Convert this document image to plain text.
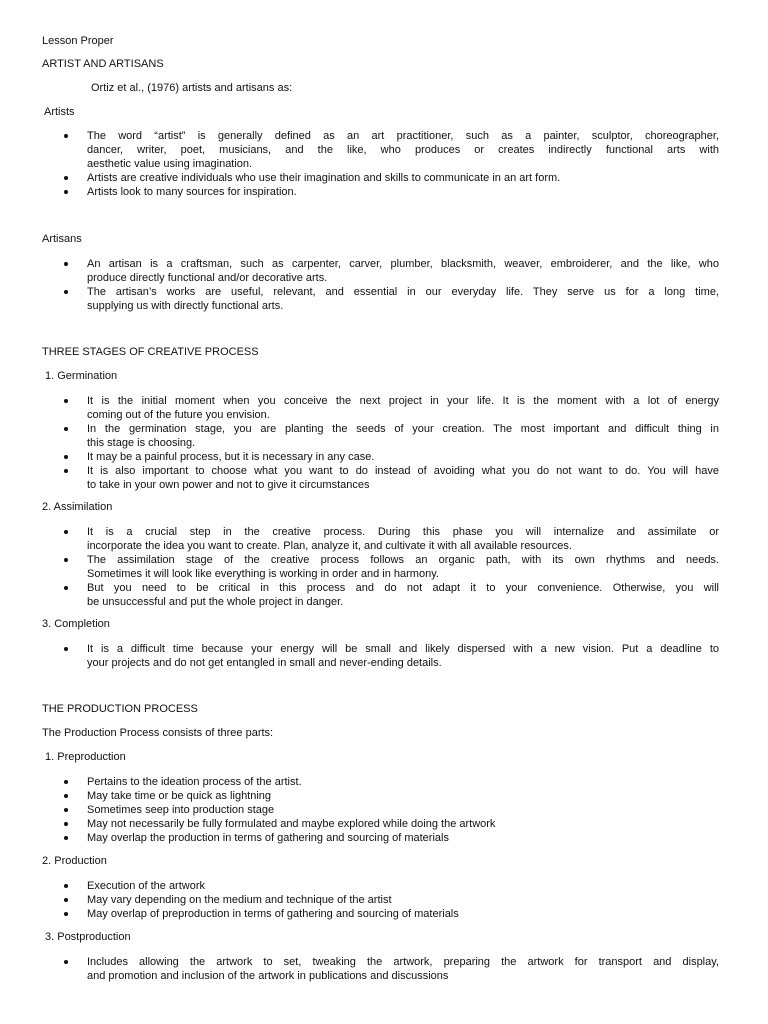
Lesson Proper
ARTIST AND ARTISANS
Ortiz et al., (1976) artists and artisans as:
Artists
The word “artist” is generally defined as an art practitioner, such as a painter, sculptor, choreographer,
dancer, writer, poet, musicians, and the like, who produces or creates indirectly functional arts with
aesthetic value using imagination.
Artists are creative individuals who use their imagination and skills to communicate in an art form.
Artists look to many sources for inspiration.
Artisans
An artisan is a craftsman, such as carpenter, carver, plumber, blacksmith, weaver, embroiderer, and the like, who
produce directly functional and/or decorative arts.
The artisan’s works are useful, relevant, and essential in our everyday life. They serve us for a long time,
supplying us with directly functional arts.
THREE STAGES OF CREATIVE PROCESS
1. Germination
It is the initial moment when you conceive the next project in your life. It is the moment with a lot of energy
coming out of the future you envision.
In the germination stage, you are planting the seeds of your creation. The most important and difficult thing in
this stage is choosing.
It may be a painful process, but it is necessary in any case.
It is also important to choose what you want to do instead of avoiding what you do not want to do. You will have
to take in your own power and not to give it circumstances
2. Assimilation
It is a crucial step in the creative process. During this phase you will internalize and assimilate or
incorporate the idea you want to create. Plan, analyze it, and cultivate it with all available resources.
The assimilation stage of the creative process follows an organic path, with its own rhythms and needs.
Sometimes it will look like everything is working in order and in harmony.
But you need to be critical in this process and do not adapt it to your convenience. Otherwise, you will
be unsuccessful and put the whole project in danger.
3. Completion
It is a difficult time because your energy will be small and likely dispersed with a new vision. Put a deadline to
your projects and do not get entangled in small and never-ending details.
THE PRODUCTION PROCESS
The Production Process consists of three parts:
1. Preproduction
Pertains to the ideation process of the artist.
May take time or be quick as lightning
Sometimes seep into production stage
May not necessarily be fully formulated and maybe explored while doing the artwork
May overlap the production in terms of gathering and sourcing of materials
2. Production
Execution of the artwork
May vary depending on the medium and technique of the artist
May overlap of preproduction in terms of gathering and sourcing of materials
3. Postproduction
Includes allowing the artwork to set, tweaking the artwork, preparing the artwork for transport and display,
and promotion and inclusion of the artwork in publications and discussions
